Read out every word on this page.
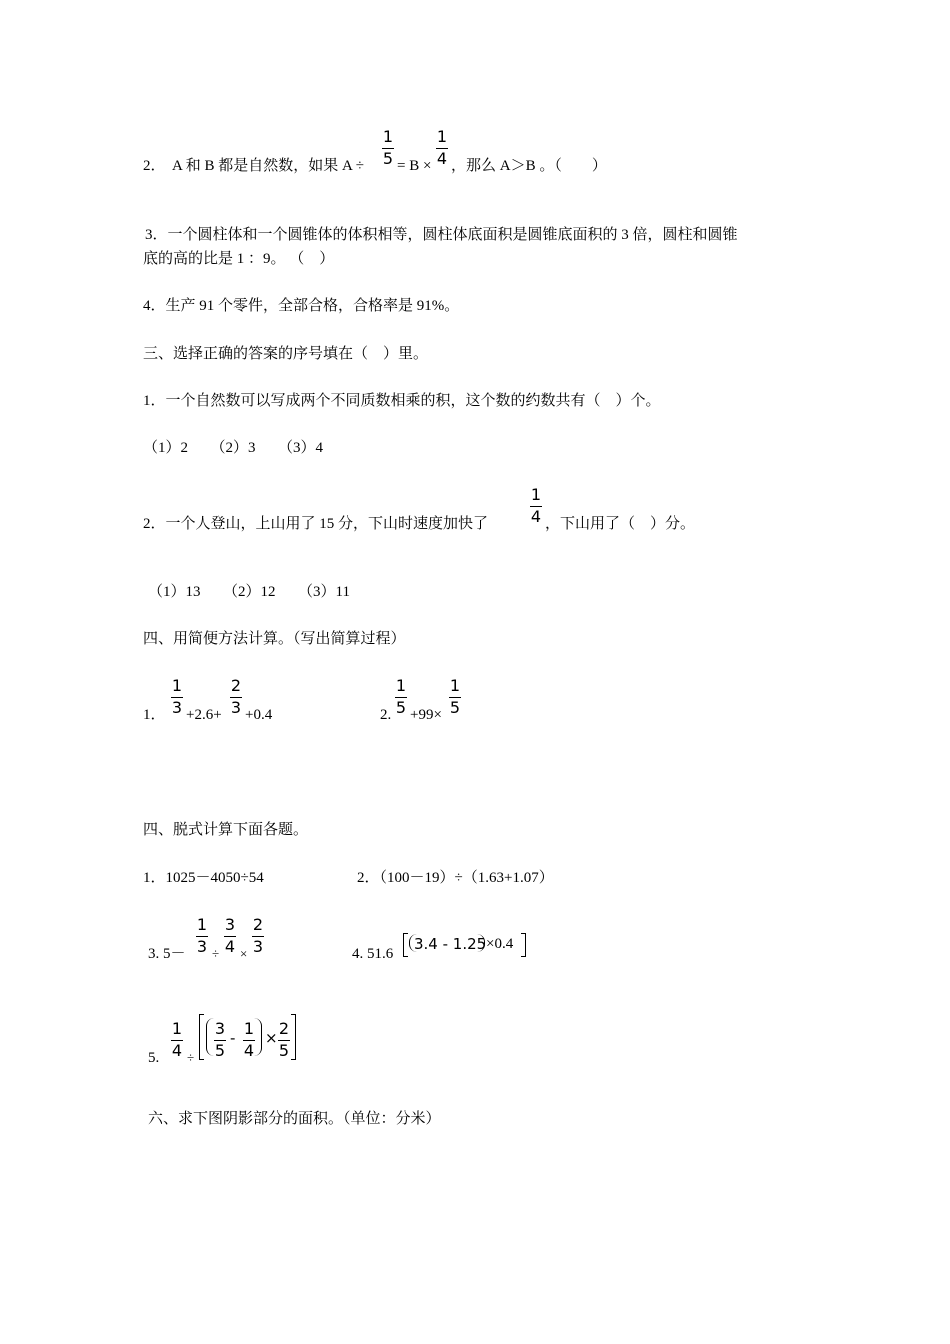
2． A 和 B 都是自然数，如果 A ÷
1
5 = B ×
1
4 ，那么 A＞B 。（　　）
3．一个圆柱体和一个圆锥体的体积相等，圆柱体底面积是圆锥底面积的 3 倍，圆柱和圆锥
底的高的比是 1 ：9。 （　）
4．生产 91 个零件，全部合格，合格率是 91%。
三、选择正确的答案的序号填在（　）里。
1．一个自然数可以写成两个不同质数相乘的积，这个数的约数共有（　）个。
（1）2　　（2）3　　（3）4
2．一个人登山，上山用了 15 分，下山时速度加快了
1
4 ，下山用了（　）分。
（1）13　　（2）12　　（3）11
四、用简便方法计算。（写出简算过程）
1．
1
3 +2.6+
2
3 +0.4	2.
1
5 +99×
1
5
四、脱式计算下面各题。
1．1025－4050÷54	2．（100－19）÷（1.63+1.07）
3. 5－
1
3 ÷
3
4 ×
2
3	4. 51.6
3.4 - 1.25 ×0.4
5.
1
4 ÷
3
5
- 1
4
× 2
5
六、求下图阴影部分的面积。（单位：分米）
